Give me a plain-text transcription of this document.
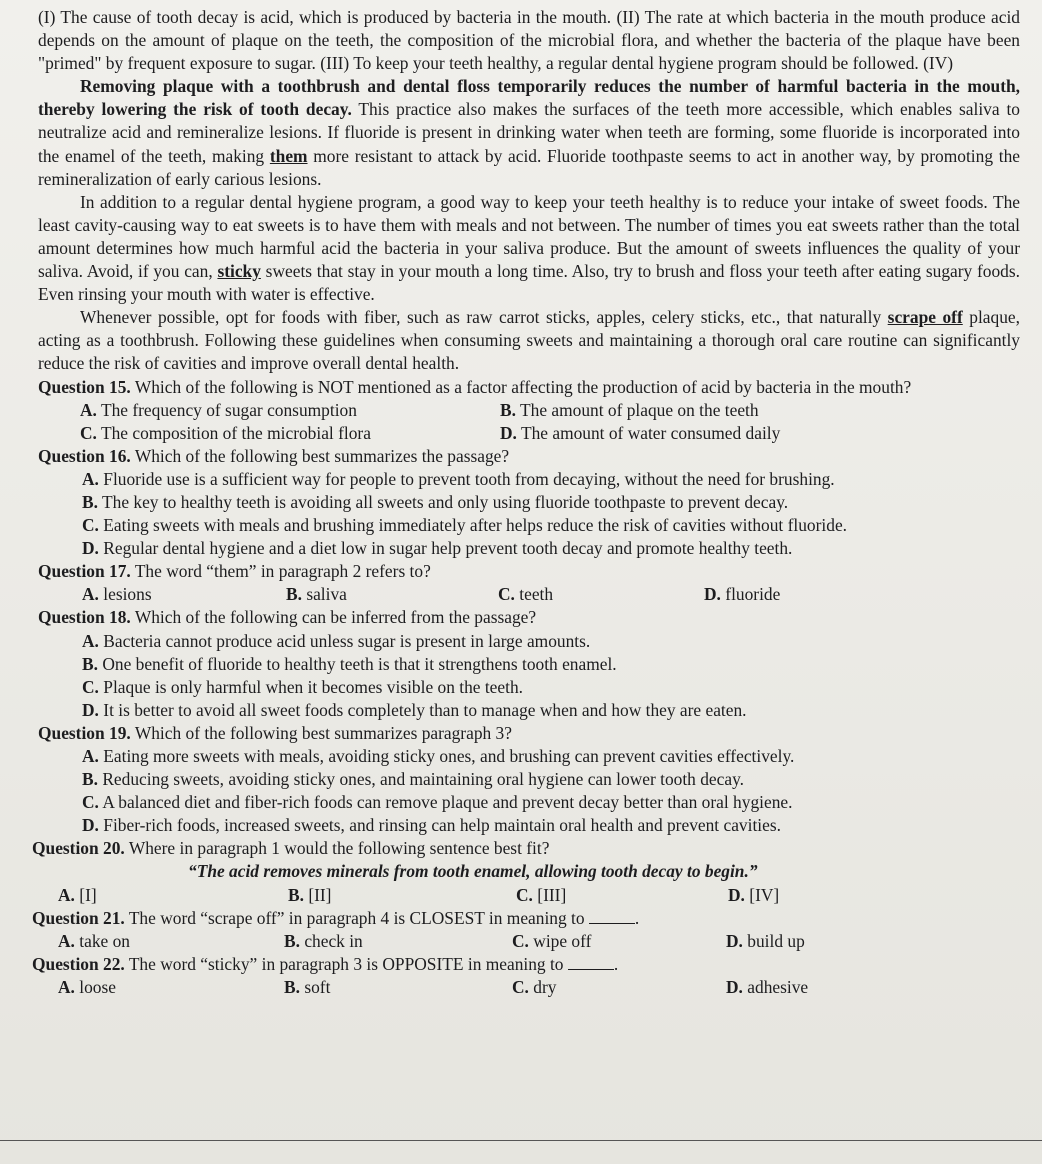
(I) The cause of tooth decay is acid, which is produced by bacteria in the mouth. (II) The rate at which bacteria in the mouth produce acid depends on the amount of plaque on the teeth, the composition of the microbial flora, and whether the bacteria of the plaque have been "primed" by frequent exposure to sugar. (III) To keep your teeth healthy, a regular dental hygiene program should be followed. (IV)

Removing plaque with a toothbrush and dental floss temporarily reduces the number of harmful bacteria in the mouth, thereby lowering the risk of tooth decay. This practice also makes the surfaces of the teeth more accessible, which enables saliva to neutralize acid and remineralize lesions. If fluoride is present in drinking water when teeth are forming, some fluoride is incorporated into the enamel of the teeth, making them more resistant to attack by acid. Fluoride toothpaste seems to act in another way, by promoting the remineralization of early carious lesions.

In addition to a regular dental hygiene program, a good way to keep your teeth healthy is to reduce your intake of sweet foods. The least cavity-causing way to eat sweets is to have them with meals and not between. The number of times you eat sweets rather than the total amount determines how much harmful acid the bacteria in your saliva produce. But the amount of sweets influences the quality of your saliva. Avoid, if you can, sticky sweets that stay in your mouth a long time. Also, try to brush and floss your teeth after eating sugary foods. Even rinsing your mouth with water is effective.

Whenever possible, opt for foods with fiber, such as raw carrot sticks, apples, celery sticks, etc., that naturally scrape off plaque, acting as a toothbrush. Following these guidelines when consuming sweets and maintaining a thorough oral care routine can significantly reduce the risk of cavities and improve overall dental health.

Question 15. Which of the following is NOT mentioned as a factor affecting the production of acid by bacteria in the mouth?

A. The frequency of sugar consumption	B. The amount of plaque on the teeth
C. The composition of the microbial flora	D. The amount of water consumed daily

Question 16. Which of the following best summarizes the passage?

A. Fluoride use is a sufficient way for people to prevent tooth from decaying, without the need for brushing.
B. The key to healthy teeth is avoiding all sweets and only using fluoride toothpaste to prevent decay.
C. Eating sweets with meals and brushing immediately after helps reduce the risk of cavities without fluoride.
D. Regular dental hygiene and a diet low in sugar help prevent tooth decay and promote healthy teeth.

Question 17. The word “them” in paragraph 2 refers to?

A. lesions	B. saliva	C. teeth	D. fluoride

Question 18. Which of the following can be inferred from the passage?

A. Bacteria cannot produce acid unless sugar is present in large amounts.
B. One benefit of fluoride to healthy teeth is that it strengthens tooth enamel.
C. Plaque is only harmful when it becomes visible on the teeth.
D. It is better to avoid all sweet foods completely than to manage when and how they are eaten.

Question 19. Which of the following best summarizes paragraph 3?

A. Eating more sweets with meals, avoiding sticky ones, and brushing can prevent cavities effectively.
B. Reducing sweets, avoiding sticky ones, and maintaining oral hygiene can lower tooth decay.
C. A balanced diet and fiber-rich foods can remove plaque and prevent decay better than oral hygiene.
D. Fiber-rich foods, increased sweets, and rinsing can help maintain oral health and prevent cavities.

Question 20. Where in paragraph 1 would the following sentence best fit?

“The acid removes minerals from tooth enamel, allowing tooth decay to begin.”

A. [I]	B. [II]	C. [III]	D. [IV]

Question 21. The word “scrape off” in paragraph 4 is CLOSEST in meaning to	.

A. take on	B. check in	C. wipe off	D. build up

Question 22. The word “sticky” in paragraph 3 is OPPOSITE in meaning to	.

A. loose	B. soft	C. dry	D. adhesive
